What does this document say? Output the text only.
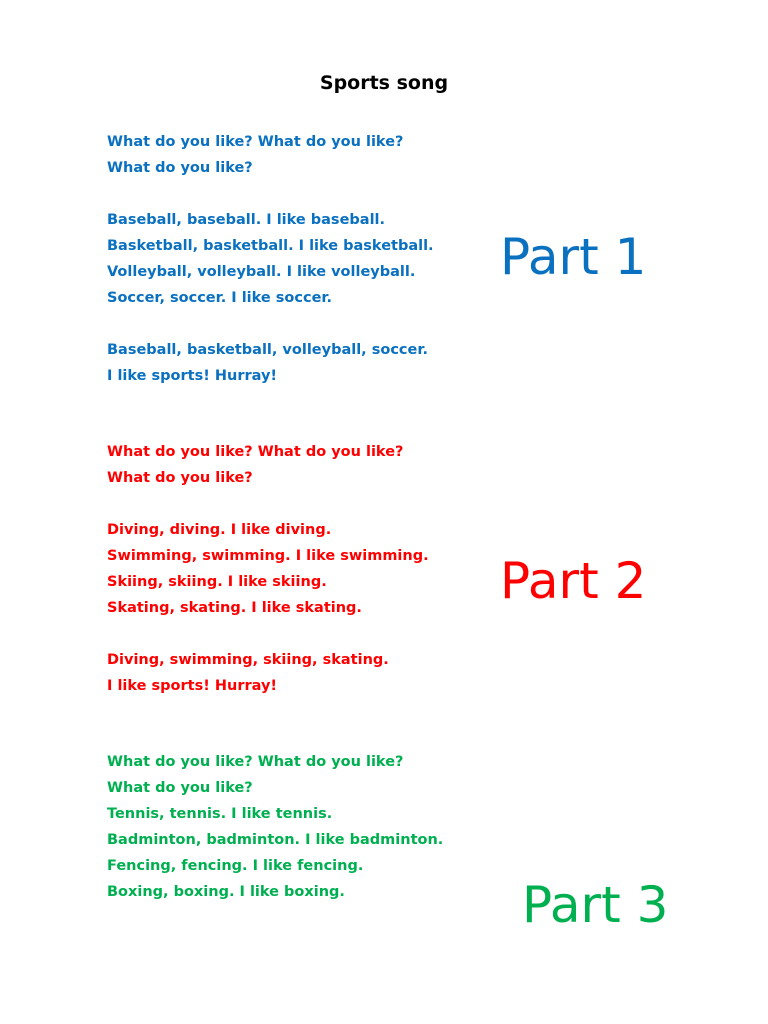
Sports song
What do you like? What do you like?
What do you like?
Baseball, baseball. I like baseball.
Basketball, basketball. I like basketball.
Volleyball, volleyball. I like volleyball.
Soccer, soccer. I like soccer.
Baseball, basketball, volleyball, soccer.
I like sports! Hurray!
Part 1
What do you like? What do you like?
What do you like?
Diving, diving. I like diving.
Swimming, swimming. I like swimming.
Skiing, skiing. I like skiing.
Skating, skating. I like skating.
Diving, swimming, skiing, skating.
I like sports! Hurray!
Part 2
What do you like? What do you like?
What do you like?
Tennis, tennis. I like tennis.
Badminton, badminton. I like badminton.
Fencing, fencing. I like fencing.
Boxing, boxing. I like boxing.	Part 3
